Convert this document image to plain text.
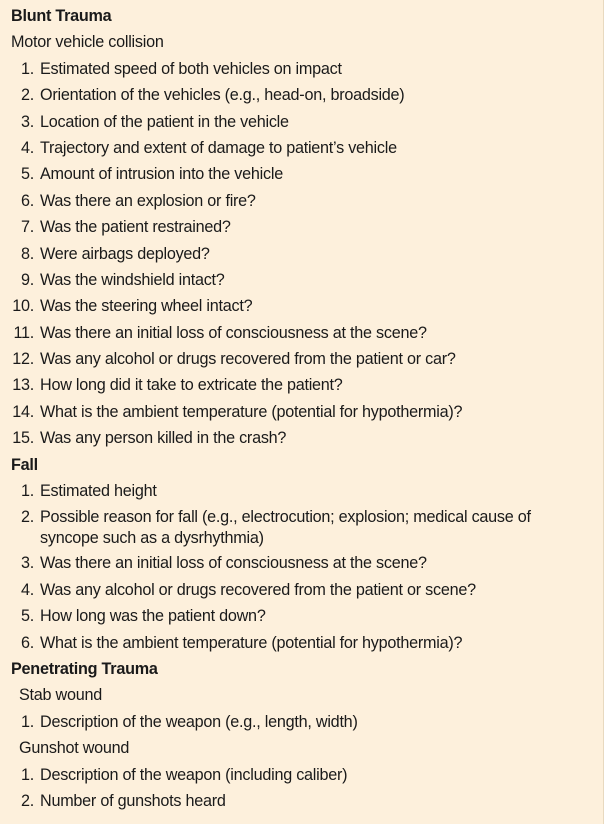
Blunt Trauma
Motor vehicle collision
1. Estimated speed of both vehicles on impact
2. Orientation of the vehicles (e.g., head-on, broadside)
3. Location of the patient in the vehicle
4. Trajectory and extent of damage to patient’s vehicle
5. Amount of intrusion into the vehicle
6. Was there an explosion or fire?
7. Was the patient restrained?
8. Were airbags deployed?
9. Was the windshield intact?
10. Was the steering wheel intact?
11. Was there an initial loss of consciousness at the scene?
12. Was any alcohol or drugs recovered from the patient or car?
13. How long did it take to extricate the patient?
14. What is the ambient temperature (potential for hypothermia)?
15. Was any person killed in the crash?
Fall
1. Estimated height
2. Possible reason for fall (e.g., electrocution; explosion; medical cause of syncope such as a dysrhythmia)
3. Was there an initial loss of consciousness at the scene?
4. Was any alcohol or drugs recovered from the patient or scene?
5. How long was the patient down?
6. What is the ambient temperature (potential for hypothermia)?
Penetrating Trauma
Stab wound
1. Description of the weapon (e.g., length, width)
Gunshot wound
1. Description of the weapon (including caliber)
2. Number of gunshots heard
